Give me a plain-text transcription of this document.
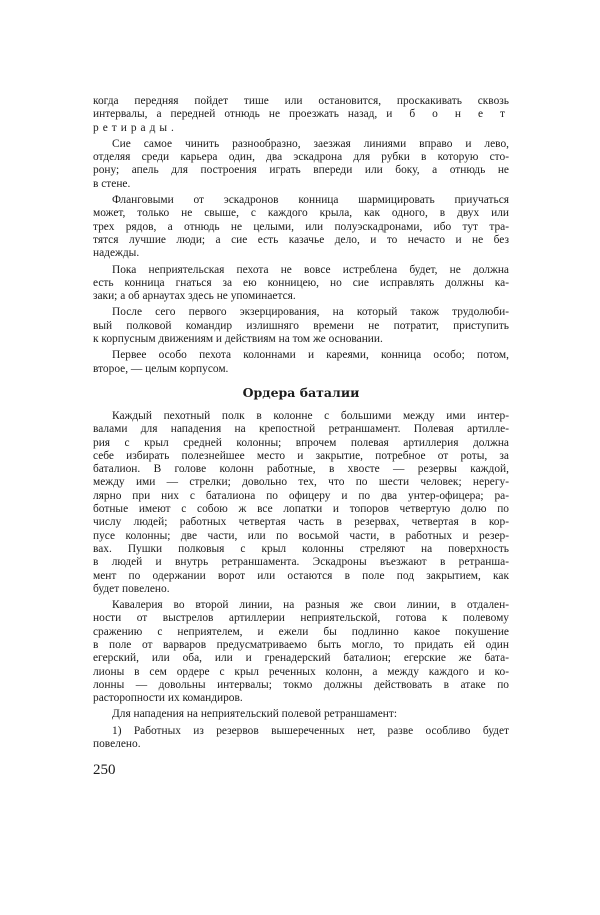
когда передняя пойдет тише или остановится, проскакивать сквозь
интервалы, а передней отнюдь не проезжать назад, и б о н е т
ретирады.
Сие самое чинить разнообразно, заезжая линиями вправо и лево,
отделяя среди карьера один, два эскадрона для рубки в которую сто-
рону; апель для построения играть впереди или боку, а отнюдь не
в стене.
Фланговыми от эскадронов конница шармицировать приучаться
может, только не свыше, с каждого крыла, как одного, в двух или
трех рядов, а отнюдь не целыми, или полуэскадронами, ибо тут тра-
тятся лучшие люди; а сие есть казачье дело, и то нечасто и не без
надежды.
Пока неприятельская пехота не вовсе истреблена будет, не должна
есть конница гнаться за ею конницею, но сие исправлять должны ка-
заки; а об арнаутах здесь не упоминается.
После сего первого экзерцирования, на который також трудолюби-
вый полковой командир излишняго времени не потратит, приступить
к корпусным движениям и действиям на том же основании.
Первее особо пехота колоннами и кареями, конница особо; потом,
второе, — целым корпусом.
Ордера баталии
Каждый пехотный полк в колонне с большими между ими интер-
валами для нападения на крепостной ретраншамент. Полевая артилле-
рия с крыл средней колонны; впрочем полевая артиллерия должна
себе избирать полезнейшее место и закрытие, потребное от роты, за
баталион. В голове колонн работные, в хвосте — резервы каждой,
между ими — стрелки; довольно тех, что по шести человек; нерегу-
лярно при них с баталиона по офицеру и по два унтер-офицера; ра-
ботные имеют с собою ж все лопатки и топоров четвертую долю по
числу людей; работных четвертая часть в резервах, четвертая в кор-
пусе колонны; две части, или по восьмой части, в работных и резер-
вах. Пушки полковыя с крыл колонны стреляют на поверхность
в людей и внутрь ретраншамента. Эскадроны въезжают в ретранша-
мент по одержании ворот или остаются в поле под закрытием, как
будет повелено.
Кавалерия во второй линии, на разныя же свои линии, в отдален-
ности от выстрелов артиллерии неприятельской, готова к полевому
сражению с неприятелем, и ежели бы подлинно какое покушение
в поле от варваров предусматриваемо быть могло, то придать ей один
егерский, или оба, или и гренадерский баталион; егерские же бата-
лионы в сем ордере с крыл реченных колонн, а между каждого и ко-
лонны — довольны интервалы; токмо должны действовать в атаке по
расторопности их командиров.
Для нападения на неприятельский полевой ретраншамент:
1) Работных из резервов вышереченных нет, разве особливо будет
повелено.
250
